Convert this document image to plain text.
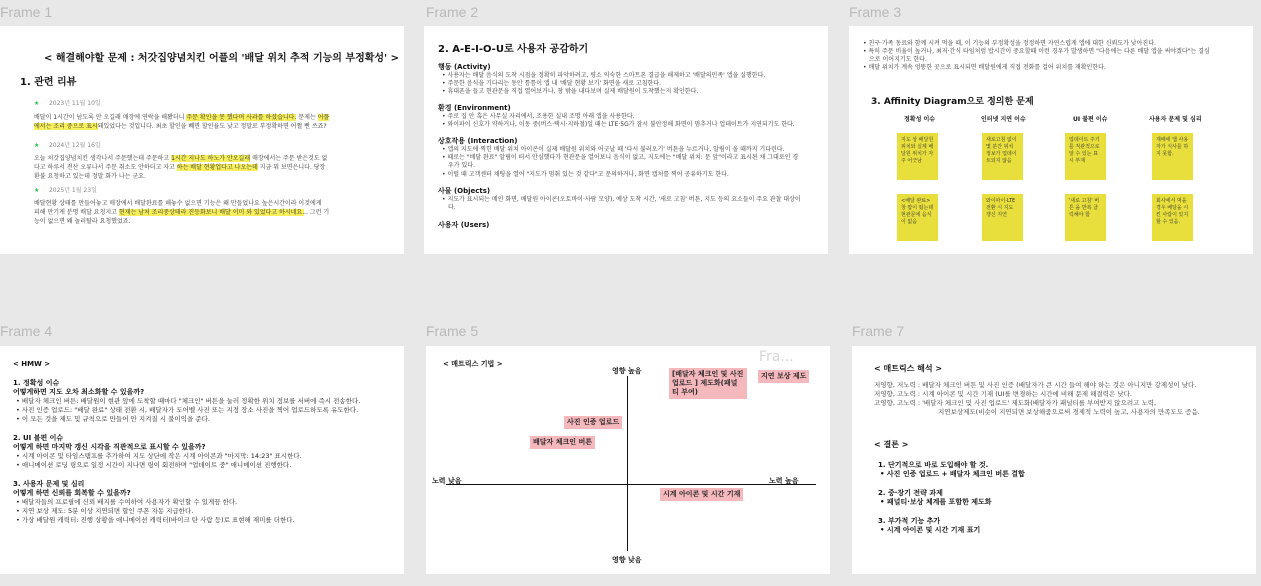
Frame 1	Frame 2	Frame 3
Frame 4	Frame 5	Frame 7
< 해결해야할 문제 : 처갓집양념치킨 어플의 '배달 위치 추적 기능의 부정확성' >
1. 관련 리뷰
★ 2023년 11월 10일
배달이 1시간이 넘도록 안 오길래 매장에 연락을 해봤더니 주문 확인을 못 했다며 사과를 하셨습니다. 문제는 어플
에서는 조리 중으로 표시돼있었다는 것입니다. 최초 할인을 빼면 할인율도 낮고 정말로 부정확하면 어쩔 뻔 쓰죠?
★ 2024년 12월 16일
오늘 처갓집양념치킨 생각나서 주문했는데 주문하고 1시간 지나도 하노가 안오길래 매장에서는 주문 받은것도 없
다고 하루서 전산 오류나서 주문 취소도 안하더고 자고 하는 배달 현황업다고 나오는데 지금 뭐 보면은니다. 당장
환불 요청하고 있는데 정말 화가 나는 군요.
★ 2025년 1월 23일
배달현황 상태를 만들어놓고 매장에서 배달완료를 해놓수 없으면 기능은 왜 만들었나요 높은시간이라 이것에게
피해 만기게 분명 배달 요청지고 현재는 남처 조리중상태라 진등화보니 배달 이미 와 있었다고 하시네요... 그런 기
능이 없으면 왜 놀러탈라 요청했었죠.
2. A-E-I-O-U로 사용자 공감하기
행동 (Activity)
• 사용자는 배달 음식의 도착 시점을 정확히 파악하려고, 평소 익숙한 스마트폰 결급을 해제하고 '배달의민족' 앱을 실행한다.
• 주문한 음식을 기다리는 동안 틈틈이 앱 내 '배달 현황 보기' 화면을 새로 고침한다.
• 휴대폰을 들고 현관문을 직접 열어보거나, 창 밖을 내다보며 실제 배달원이 도착했는지 확인한다.
환경 (Environment)
• 주로 집 안 혹은 사무실 자리에서, 조용한 실내 조명 아래 앱을 사용한다.
• 와이파이 신호가 약하거나, 이동 중(버스·택시·지하철)일 때는 LTE·5G가 잠시 불안정해 화면이 멈추거나 업데이트가 지연되기도 한다.
상호작용 (Interaction)
• 앱의 지도에 찍힌 배달 위치 아이콘이 실제 배달원 위치와 어긋날 때 '다시 불러오기' 버튼을 누르거나, 알림이 올 때까지 기다린다.
• 때로는 "배달 완료" 알림이 떠서 안심했다가 현관문을 열어보니 음식이 없고, 지도에는 "배달 위치: 문 앞"이라고 표시된 채 그대로인 경
우가 있다.
• 이럴 때 고객센터 채팅을 열어 "지도가 멈춰 있는 것 같다"고 문의하거나, 화면 캡처를 찍어 공유하기도 한다.
사물 (Objects)
• 지도가 표시되는 메인 화면, 배달원 아이콘(오토바이·사람 모양), 예상 도착 시간, '새로 고침' 버튼, 지도 등의 요소들이 주요 관찰 대상이
다.
사용자 (Users)
• 친구·가족 동료와 함께 시켜 먹을 때, 이 기능의 부정확성을 정정하면 자연스럽게 앱에 대한 신뢰도가 낮아진다.
• 특히 주문 비율이 높거나, 최저·간식 타임처럼 밥시간이 중요할때 이런 경우가 발생하면 "다음에는 다른 배달 앱을 써야겠다"는 결심
으로 이어지기도 한다.
• 배달 위치가 계속 엉뚱한 곳으로 표시되면 배달원에게 직접 전화를 걸어 위치를 재확인한다.
3. Affinity Diagram으로 정의한 문제
정확성 이슈	인터넷 지연 이슈	UI 불편 이슈	사용자 문제 및 심리
지도 상 배달원 위치와 실제 배달원 위치가 자주 어긋남
새로고침 없이 몇 분간 위치 정보가 업데이트되지 않음
업데이트 주기를 직관적으로 알 수 있는 표시 부재
재배에 앱 사용 자가 식사를 하지 못함.
<배달 완료> 창 팝이 떴는데 현관문에 음식이 없음
와이파이·LTE 전환 시 지도 갱신 지연
'새로 고침' 버튼 을 반복 클릭해야 함
회사에서 먹을 경우 배달을 시킨 사람이 있지 할 수 있음.
< HMW >
1. 정확성 이슈
어떻게하면 지도 오차 최소화할 수 있을까?
• 배달자 체크인 버튼: 배달원이 현관 앞에 도착할 때마다 "체크인" 버튼을 눌러 정확한 위치 정보를 서버에 즉시 전송한다.
• 사진 인증 업로드: "배달 완료" 상태 전환 시, 배달자가 도어벨 사진 또는 지정 장소 사진을 찍어 업로드하도록 유도한다.
• 이 모든 것을 제도 및 규칙으로 만들어 안 지켜질 시 불이익을 준다.
2. UI 불편 이슈
어떻게 하면 마지막 갱신 시각을 직관적으로 표시할 수 있을까?
• 시계 아이콘 및 타임스탬프를 추가하여 지도 상단에 작은 시계 아이콘과 "마지막: 14:23" 표시한다.
• 애니메이션 로딩 링으로 일정 시간이 지나면 링이 회전하며 "업데이트 중" 애니메이션 진행한다.
3. 사용자 문제 및 심리
어떻게 하면 신뢰를 회복할 수 있을까?
• 배달자들의 프로필에 신뢰 배지를 수여하여 사용자가 확인할 수 있게끔 한다.
• 지연 보상 제도: 5분 이상 지연되면 할인 쿠폰 자동 지급한다.
• 가상 배달원 캐릭터: 진행 상황을 애니메이션 캐릭터(바이크 탄 사람 등)로 표현해 재미를 더한다.
< 매트릭스 기법 >	Fra...
영향 높음
영향 낮음
노력 낮음	노력 높음
[배달자 체크인 및 사진 업로드 ] 제도화(패널티 부여)
지연 보상 제도
사진 인증 업로드
배달자 체크인 버튼
시계 아이콘 및 시간 기재
< 매트릭스 해석 >
저영향, 저노력 : 배달자 체크인 버튼 및 사진 인증 (배달자가 큰 시간 들여 해야 하는 것은 아니지만 강제성이 낮다.
저영향, 고노력 : 시계 아이콘 및 시간 기재 (UI를 변경하는 시간에 비해 문제 해결력은 낮다.
고영향, 고노력 : '배달자 체크인 및 사진 업로드' 제도화(배달자가 패널티를 부여받지 않으려고 노력,
지연보상제도(비슷이 지연되면 보상해줌으로써 경제적 노력이 높고, 사용자의 만족도도 증음.
< 결론 >
1. 단기적으로 바로 도입해야 할 것.
• 사진 인증 업로드 + 배달자 체크인 버튼 결합
2. 중·장기 전략 과제
• 패널티·보상 체계를 포함한 제도화
3. 부가적 기능 추가
• 시계 아이콘 및 시간 기재 표기
